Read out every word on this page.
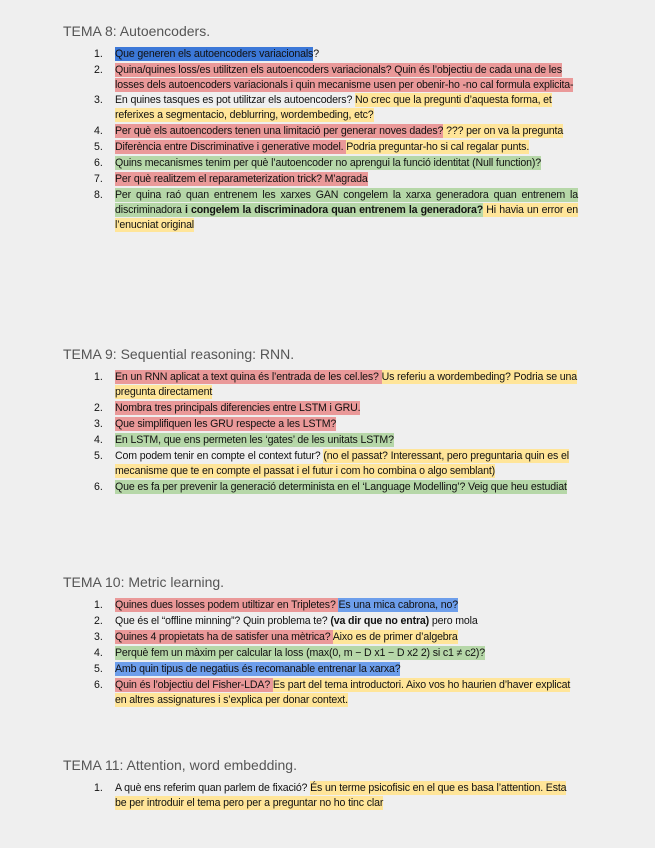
TEMA 8: Autoencoders.
1. Que generen els autoencoders variacionals?
2. Quina/quines loss/es utilitzen els autoencoders variacionals? Quin és l’objectiu de cada una de les losses dels autoencoders variacionals i quin mecanisme usen per obenir-ho -no cal formula explicita-
3. En quines tasques es pot utilitzar els autoencoders? No crec que la pregunti d’aquesta forma, et referixes a segmentacio, deblurring, wordembeding, etc?
4. Per què els autoencoders tenen una limitació per generar noves dades? ??? per on va la pregunta
5. Diferència entre Discriminative i generative model. Podria preguntar-ho si cal regalar punts.
6. Quins mecanismes tenim per què l’autoencoder no aprengui la funció identitat (Null function)?
7. Per què realitzem el reparameterization trick? M’agrada
8. Per quina raó quan entrenem les xarxes GAN congelem la xarxa generadora quan entrenem la discriminadora i congelem la discriminadora quan entrenem la generadora? Hi havia un error en l’enucniat original
TEMA 9: Sequential reasoning: RNN.
1. En un RNN aplicat a text quina és l’entrada de les cel.les? Us referiu a wordembeding? Podria se una pregunta directament
2. Nombra tres principals diferencies entre LSTM i GRU.
3. Que simplifiquen les GRU respecte a les LSTM?
4. En LSTM, que ens permeten les ‘gates’ de les unitats LSTM?
5. Com podem tenir en compte el context futur? (no el passat? Interessant, pero preguntaria quin es el mecanisme que te en compte el passat i el futur i com ho combina o algo semblant)
6. Que es fa per prevenir la generació determinista en el ‘Language Modelling’? Veig que heu estudiat
TEMA 10: Metric learning.
1. Quines dues losses podem utiltizar en Tripletes? Es una mica cabrona, no?
2. Que és el “offline minning”? Quin problema te? (va dir que no entra) pero mola
3. Quines 4 propietats ha de satisfer una mètrica? Aixo es de primer d’algebra
4. Perquè fem un màxim per calcular la loss (max(0, m − D x1 − D x2 2) si c1 ≠ c2)?
5. Amb quin tipus de negatius és recomanable entrenar la xarxa?
6. Quin és l’objectiu del Fisher-LDA? Es part del tema introductori. Aixo vos ho haurien d’haver explicat en altres assignatures i s’explica per donar context.
TEMA 11: Attention, word embedding.
1. A què ens referim quan parlem de fixació? És un terme psicofisic en el que es basa l’attention. Esta be per introduir el tema pero per a preguntar no ho tinc clar
